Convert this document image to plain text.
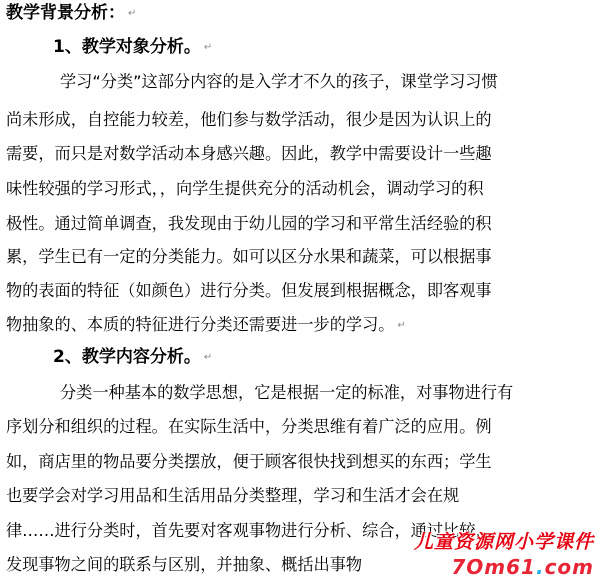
教学背景分析： ↵
1、教学对象分析。 ↵
学习“分类”这部分内容的是入学才不久的孩子，课堂学习习惯
尚未形成，自控能力较差，他们参与数学活动，很少是因为认识上的
需要，而只是对数学活动本身感兴趣。因此，教学中需要设计一些趣
味性较强的学习形式，，向学生提供充分的活动机会，调动学习的积
极性。通过简单调查，我发现由于幼儿园的学习和平常生活经验的积
累，学生已有一定的分类能力。如可以区分水果和蔬菜，可以根据事
物的表面的特征（如颜色）进行分类。但发展到根据概念，即客观事
物抽象的、本质的特征进行分类还需要进一步的学习。 ↵
2、教学内容分析。 ↵
分类一种基本的数学思想，它是根据一定的标准，对事物进行有
序划分和组织的过程。在实际生活中，分类思维有着广泛的应用。例
如，商店里的物品要分类摆放，便于顾客很快找到想买的东西；学生
也要学会对学习用品和生活用品分类整理，学习和生活才会在规
律……进行分类时，首先要对客观事物进行分析、综合，通过比较，
发现事物之间的联系与区别，并抽象、概括出事物
儿童资源网小学课件
7Om61.com
